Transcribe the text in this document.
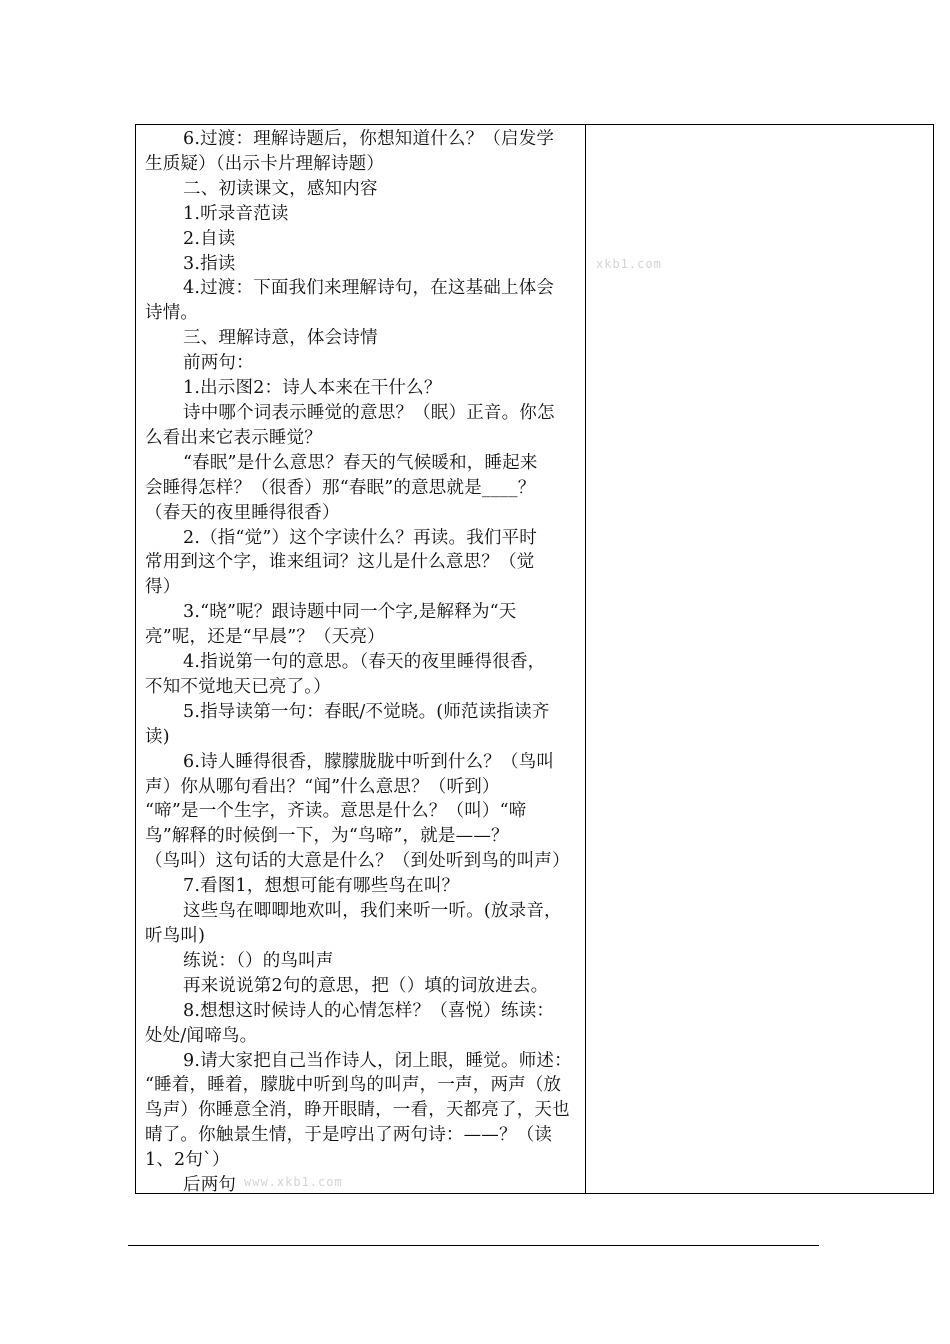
6.过渡：理解诗题后，你想知道什么？（启发学
生质疑）（出示卡片理解诗题）
二、初读课文，感知内容
1.听录音范读
2.自读
3.指读
4.过渡：下面我们来理解诗句，在这基础上体会
诗情。
三、理解诗意，体会诗情
前两句：
1.出示图2：诗人本来在干什么？
诗中哪个词表示睡觉的意思？（眠）正音。你怎
么看出来它表示睡觉？
“春眠”是什么意思？春天的气候暖和，睡起来
会睡得怎样？（很香）那“春眠”的意思就是____？
（春天的夜里睡得很香）
2.（指“觉”）这个字读什么？再读。我们平时
常用到这个字，谁来组词？这儿是什么意思？（觉
得）
3.“晓”呢？跟诗题中同一个字,是解释为“天
亮”呢，还是“早晨”？（天亮）
4.指说第一句的意思。（春天的夜里睡得很香，
不知不觉地天已亮了。）
5.指导读第一句：春眠/不觉晓。(师范读指读齐
读)
6.诗人睡得很香，朦朦胧胧中听到什么？（鸟叫
声）你从哪句看出？“闻”什么意思？（听到）
“啼”是一个生字，齐读。意思是什么？（叫）“啼
鸟”解释的时候倒一下，为“鸟啼”，就是——？
（鸟叫）这句话的大意是什么？（到处听到鸟的叫声）
7.看图1，想想可能有哪些鸟在叫？
这些鸟在唧唧地欢叫，我们来听一听。(放录音，
听鸟叫)
练说：（）的鸟叫声
再来说说第2句的意思，把（）填的词放进去。
8.想想这时候诗人的心情怎样？（喜悦）练读：
处处/闻啼鸟。
9.请大家把自己当作诗人，闭上眼，睡觉。师述：
“睡着，睡着，朦胧中听到鸟的叫声，一声，两声（放
鸟声）你睡意全消，睁开眼睛，一看，天都亮了，天也
晴了。你触景生情，于是哼出了两句诗：——？（读
1、2句`）
后两句 www.xkb1.com
xkb1.com
